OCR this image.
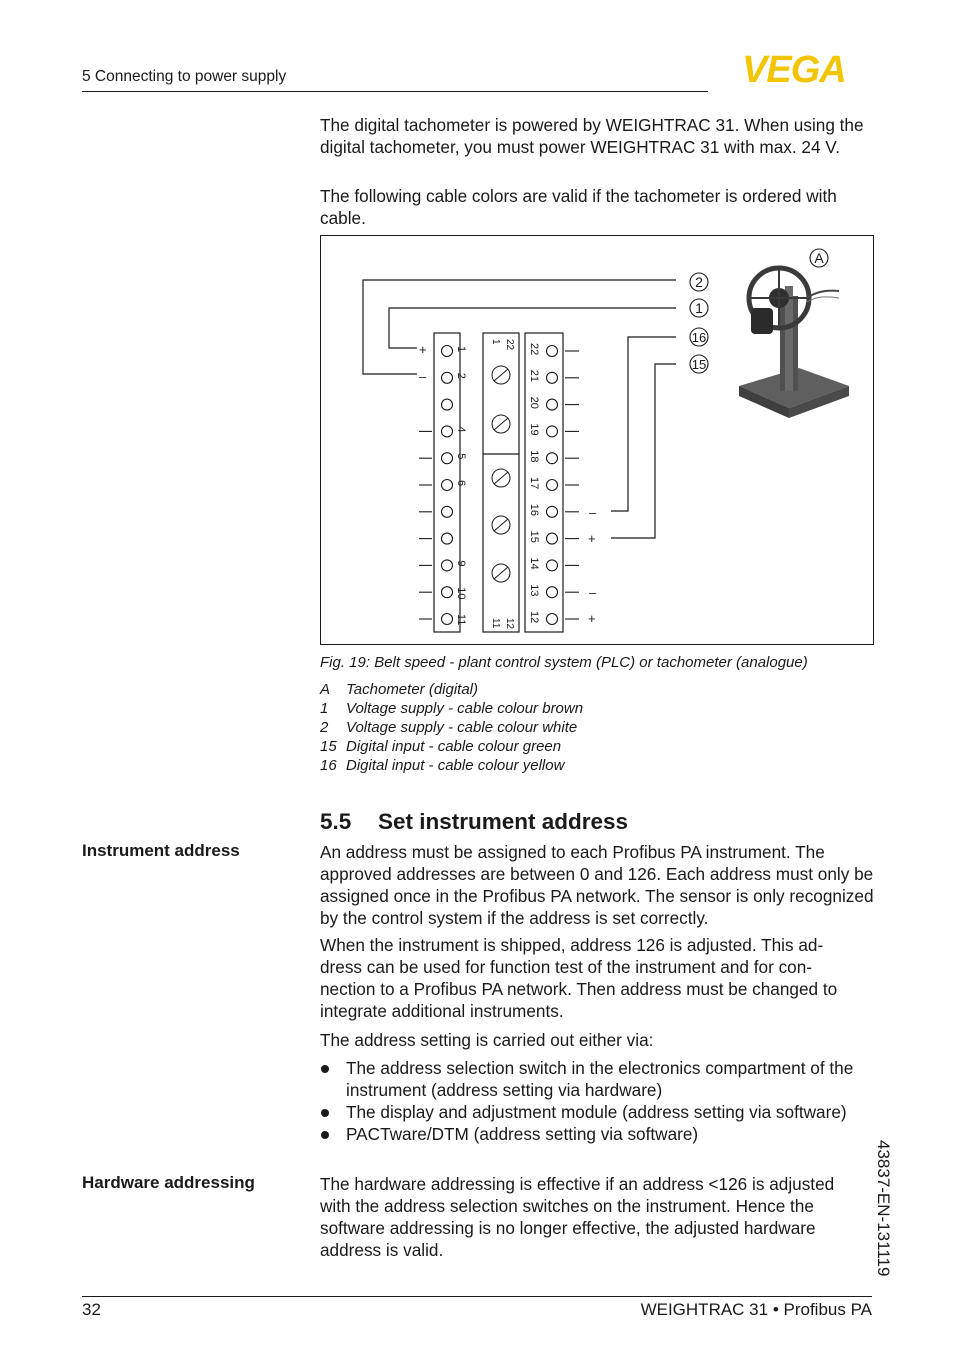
5 Connecting to power supply	VEGA
The digital tachometer is powered by WEIGHTRAC 31. When using the digital tachometer, you must power WEIGHTRAC 31 with max. 24 V.
The following cable colors are valid if the tachometer is ordered with cable.
1
2
4
5
6
9
10
11
22
21
20
19
18
17
16
15
14
13
12
+
–
–
+
–
+
22
1
12
11
A
2
1
16
15
Fig. 19: Belt speed - plant control system (PLC) or tachometer (analogue)
A Tachometer (digital)
1 Voltage supply - cable colour brown
2 Voltage supply - cable colour white
15 Digital input - cable colour green
16 Digital input - cable colour yellow
5.5 Set instrument address
Instrument address	An address must be assigned to each Profibus PA instrument. The approved addresses are between 0 and 126. Each address must only be assigned once in the Profibus PA network. The sensor is only recognized by the control system if the address is set correctly.
When the instrument is shipped, address 126 is adjusted. This ad-dress can be used for function test of the instrument and for con-nection to a Profibus PA network. Then address must be changed to integrate additional instruments.
The address setting is carried out either via:
The address selection switch in the electronics compartment of the instrument (address setting via hardware)
The display and adjustment module (address setting via software)
PACTware/DTM (address setting via software)
Hardware addressing	The hardware addressing is effective if an address <126 is adjusted with the address selection switches on the instrument. Hence the software addressing is no longer effective, the adjusted hardware address is valid.
32	WEIGHTRAC 31 • Profibus PA
43837-EN-131119
